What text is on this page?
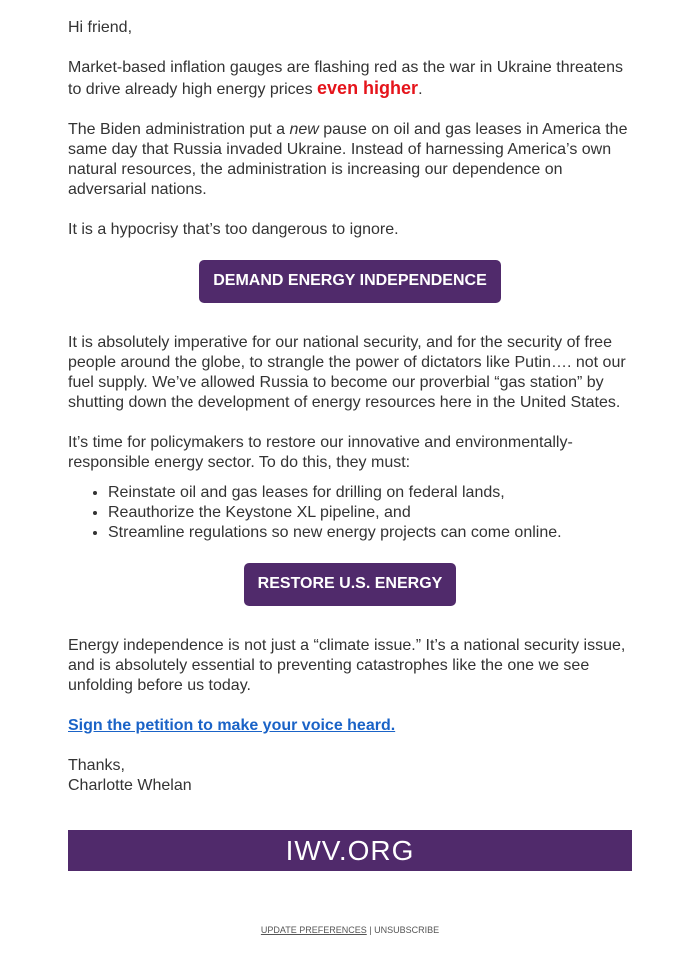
Hi friend,

Market-based inflation gauges are flashing red as the war in Ukraine threatens to drive already high energy prices even higher.

The Biden administration put a new pause on oil and gas leases in America the same day that Russia invaded Ukraine. Instead of harnessing America’s own natural resources, the administration is increasing our dependence on adversarial nations.

It is a hypocrisy that’s too dangerous to ignore.

DEMAND ENERGY INDEPENDENCE

It is absolutely imperative for our national security, and for the security of free people around the globe, to strangle the power of dictators like Putin…. not our fuel supply. We’ve allowed Russia to become our proverbial “gas station” by shutting down the development of energy resources here in the United States.

It’s time for policymakers to restore our innovative and environmentally-responsible energy sector. To do this, they must:

• Reinstate oil and gas leases for drilling on federal lands,
• Reauthorize the Keystone XL pipeline, and
• Streamline regulations so new energy projects can come online.
RESTORE U.S. ENERGY

Energy independence is not just a “climate issue.” It’s a national security issue, and is absolutely essential to preventing catastrophes like the one we see unfolding before us today.

Sign the petition to make your voice heard.

Thanks,
Charlotte Whelan

IWV.ORG
UPDATE PREFERENCES | UNSUBSCRIBE
